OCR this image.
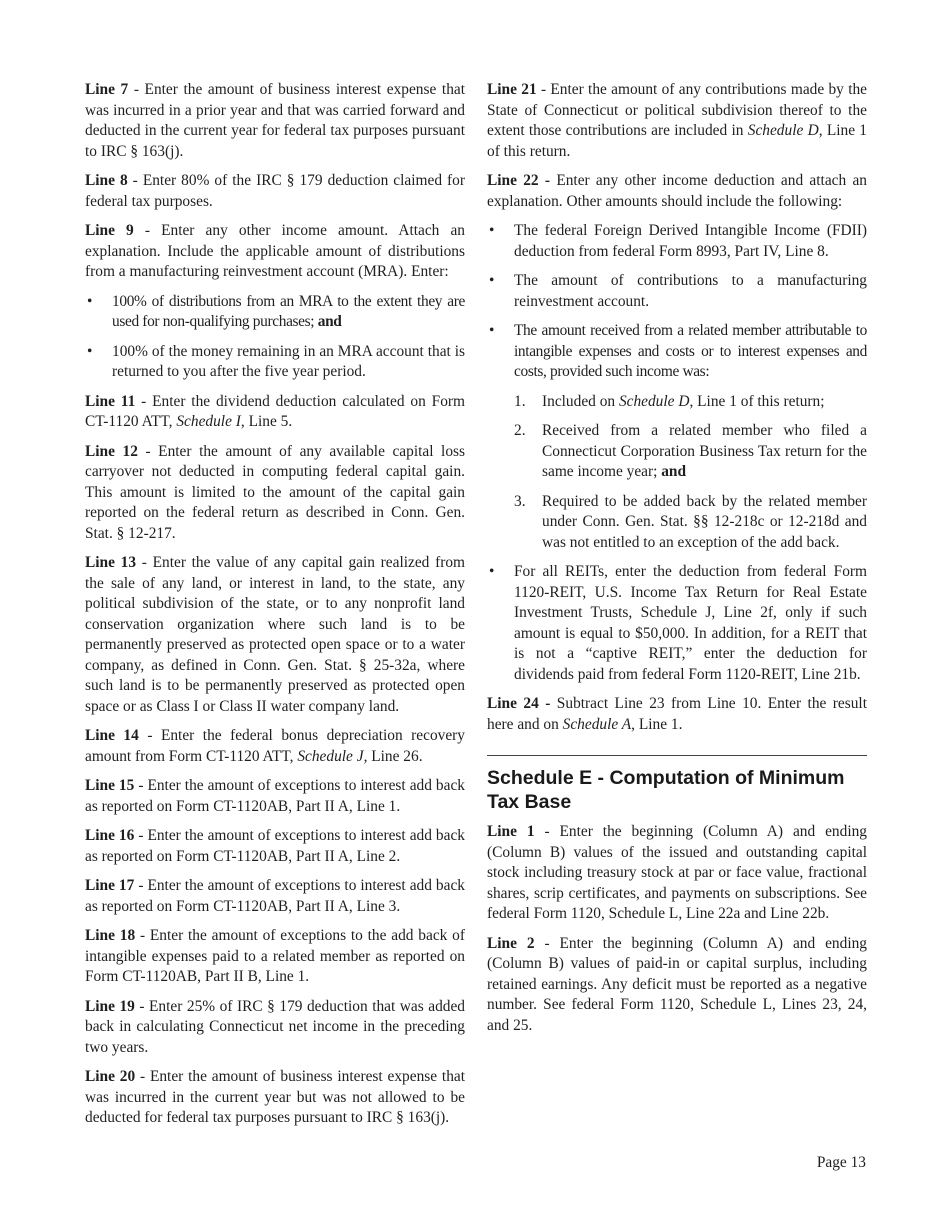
Line 7 - Enter the amount of business interest expense that was incurred in a prior year and that was carried forward and deducted in the current year for federal tax purposes pursuant to IRC § 163(j).

Line 8 - Enter 80% of the IRC § 179 deduction claimed for federal tax purposes.

Line 9 - Enter any other income amount. Attach an explanation. Include the applicable amount of distributions from a manufacturing reinvestment account (MRA). Enter:

• 100% of distributions from an MRA to the extent they are used for non-qualifying purchases; and
• 100% of the money remaining in an MRA account that is returned to you after the five year period.

Line 11 - Enter the dividend deduction calculated on Form CT-1120 ATT, Schedule I, Line 5.

Line 12 - Enter the amount of any available capital loss carryover not deducted in computing federal capital gain. This amount is limited to the amount of the capital gain reported on the federal return as described in Conn. Gen. Stat. § 12-217.

Line 13 - Enter the value of any capital gain realized from the sale of any land, or interest in land, to the state, any political subdivision of the state, or to any nonprofit land conservation organization where such land is to be permanently preserved as protected open space or to a water company, as defined in Conn. Gen. Stat. § 25-32a, where such land is to be permanently preserved as protected open space or as Class I or Class II water company land.

Line 14 - Enter the federal bonus depreciation recovery amount from Form CT-1120 ATT, Schedule J, Line 26.

Line 15 - Enter the amount of exceptions to interest add back as reported on Form CT-1120AB, Part II A, Line 1.

Line 16 - Enter the amount of exceptions to interest add back as reported on Form CT-1120AB, Part II A, Line 2.

Line 17 - Enter the amount of exceptions to interest add back as reported on Form CT-1120AB, Part II A, Line 3.

Line 18 - Enter the amount of exceptions to the add back of intangible expenses paid to a related member as reported on Form CT-1120AB, Part II B, Line 1.

Line 19 - Enter 25% of IRC § 179 deduction that was added back in calculating Connecticut net income in the preceding two years.

Line 20 - Enter the amount of business interest expense that was incurred in the current year but was not allowed to be deducted for federal tax purposes pursuant to IRC § 163(j).

Line 21 - Enter the amount of any contributions made by the State of Connecticut or political subdivision thereof to the extent those contributions are included in Schedule D, Line 1 of this return.

Line 22 - Enter any other income deduction and attach an explanation. Other amounts should include the following:

• The federal Foreign Derived Intangible Income (FDII) deduction from federal Form 8993, Part IV, Line 8.
• The amount of contributions to a manufacturing reinvestment account.
• The amount received from a related member attributable to intangible expenses and costs or to interest expenses and costs, provided such income was:
1. Included on Schedule D, Line 1 of this return;
2. Received from a related member who filed a Connecticut Corporation Business Tax return for the same income year; and
3. Required to be added back by the related member under Conn. Gen. Stat. §§ 12-218c or 12-218d and was not entitled to an exception of the add back.
• For all REITs, enter the deduction from federal Form 1120-REIT, U.S. Income Tax Return for Real Estate Investment Trusts, Schedule J, Line 2f, only if such amount is equal to $50,000. In addition, for a REIT that is not a “captive REIT,” enter the deduction for dividends paid from federal Form 1120-REIT, Line 21b.

Line 24 - Subtract Line 23 from Line 10. Enter the result here and on Schedule A, Line 1.

Schedule E - Computation of Minimum Tax Base

Line 1 - Enter the beginning (Column A) and ending (Column B) values of the issued and outstanding capital stock including treasury stock at par or face value, fractional shares, scrip certificates, and payments on subscriptions. See federal Form 1120, Schedule L, Line 22a and Line 22b.

Line 2 - Enter the beginning (Column A) and ending (Column B) values of paid-in or capital surplus, including retained earnings. Any deficit must be reported as a negative number. See federal Form 1120, Schedule L, Lines 23, 24, and 25.

Page 13
